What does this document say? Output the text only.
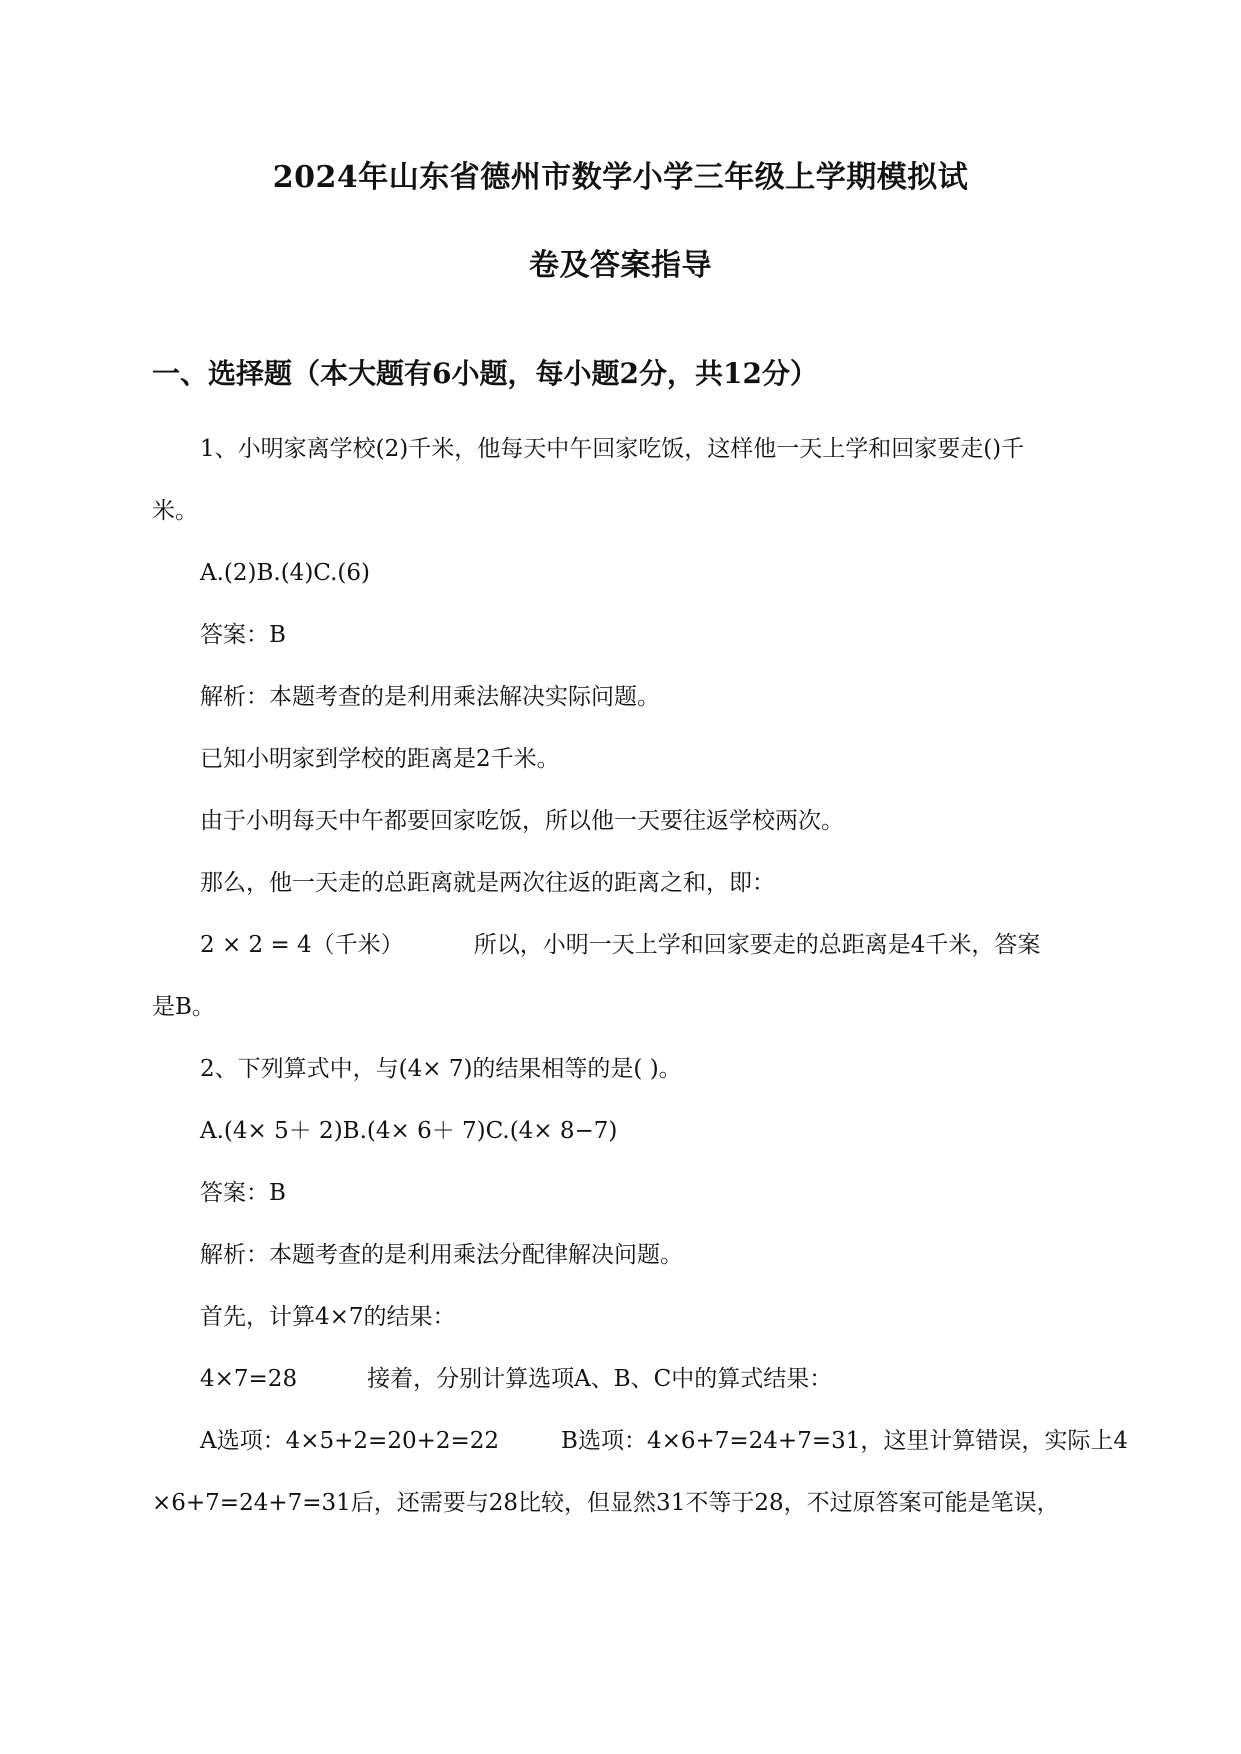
2024年山东省德州市数学小学三年级上学期模拟试
卷及答案指导
一、选择题（本大题有6小题，每小题2分，共12分）
1、小明家离学校(2)千米，他每天中午回家吃饭，这样他一天上学和回家要走()千
米。
A.(2)B.(4)C.(6)
答案：B
解析：本题考查的是利用乘法解决实际问题。
已知小明家到学校的距离是2千米。
由于小明每天中午都要回家吃饭，所以他一天要往返学校两次。
那么，他一天走的总距离就是两次往返的距离之和，即：
2 × 2 = 4（千米）	所以，小明一天上学和回家要走的总距离是4千米，答案
是B。
2、下列算式中，与(4× 7)的结果相等的是( )。
A.(4× 5＋ 2)B.(4× 6＋ 7)C.(4× 8−7)
答案：B
解析：本题考查的是利用乘法分配律解决问题。
首先，计算4×7的结果：
4×7=28	接着，分别计算选项A、B、C中的算式结果：
A选项：4×5+2=20+2=22	B选项：4×6+7=24+7=31，这里计算错误，实际上4
×6+7=24+7=31后，还需要与28比较，但显然31不等于28，不过原答案可能是笔误，
